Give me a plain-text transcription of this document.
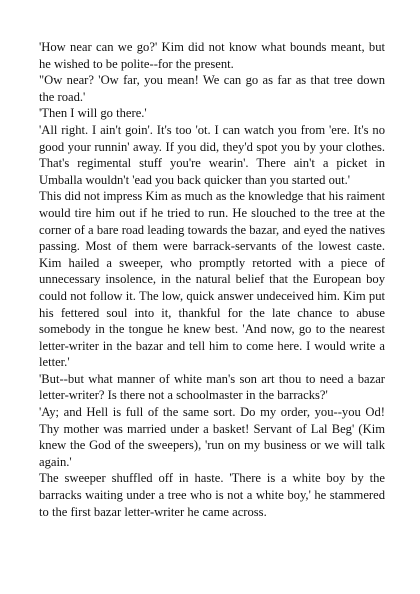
'How near can we go?' Kim did not know what bounds meant, but he wished to be polite--for the present.

"Ow near? 'Ow far, you mean! We can go as far as that tree down the road.'

'Then I will go there.'

'All right. I ain't goin'. It's too 'ot. I can watch you from 'ere. It's no good your runnin' away. If you did, they'd spot you by your clothes. That's regimental stuff you're wearin'. There ain't a picket in Umballa wouldn't 'ead you back quicker than you started out.'

This did not impress Kim as much as the knowledge that his raiment would tire him out if he tried to run. He slouched to the tree at the corner of a bare road leading towards the bazar, and eyed the natives passing. Most of them were barrack-servants of the lowest caste. Kim hailed a sweeper, who promptly retorted with a piece of unnecessary insolence, in the natural belief that the European boy could not follow it. The low, quick answer undeceived him. Kim put his fettered soul into it, thankful for the late chance to abuse somebody in the tongue he knew best. 'And now, go to the nearest letter-writer in the bazar and tell him to come here. I would write a letter.'

'But--but what manner of white man's son art thou to need a bazar letter-writer? Is there not a schoolmaster in the barracks?'

'Ay; and Hell is full of the same sort. Do my order, you--you Od! Thy mother was married under a basket! Servant of Lal Beg' (Kim knew the God of the sweepers), 'run on my business or we will talk again.'

The sweeper shuffled off in haste. 'There is a white boy by the barracks waiting under a tree who is not a white boy,' he stammered to the first bazar letter-writer he came across.
